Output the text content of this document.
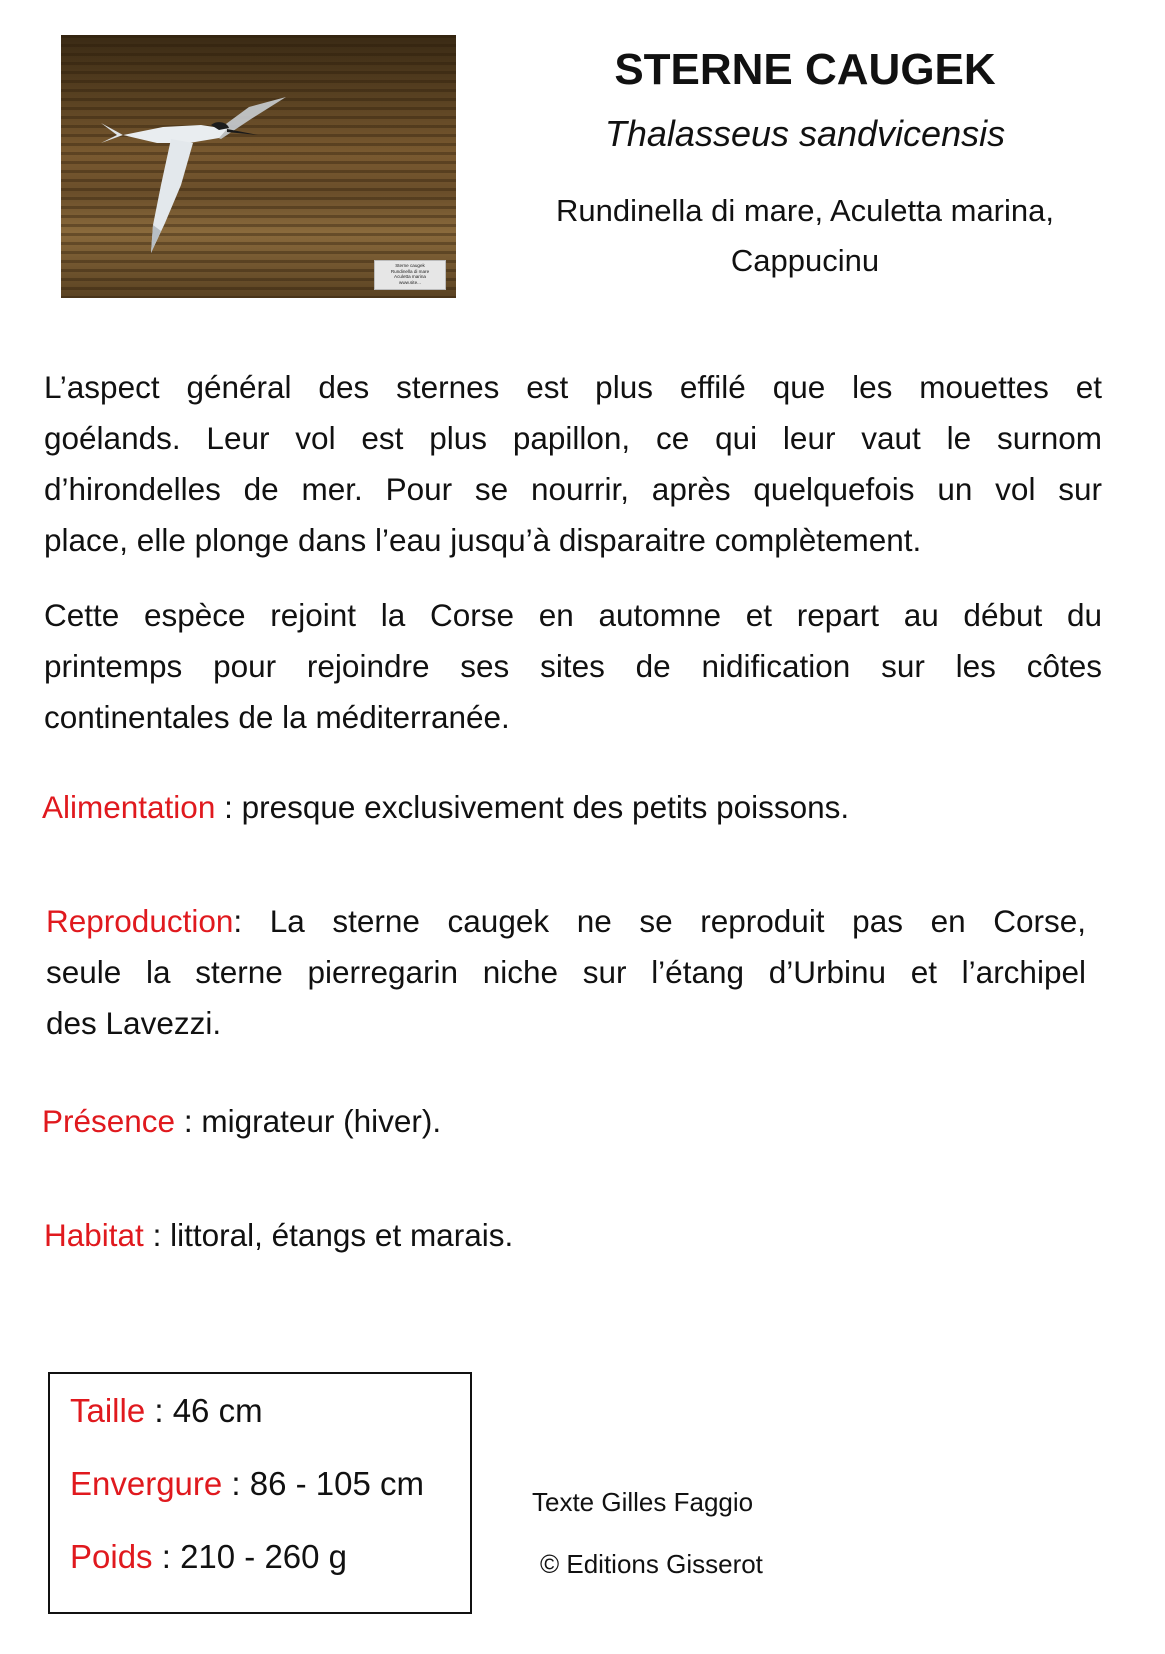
Sterne caugek
Rundinella di mare
Aculetta marina
www.site...
STERNE CAUGEK
Thalasseus sandvicensis
Rundinella di mare, Aculetta marina,
Cappucinu
L’aspect général des sternes est plus effilé que les mouettes et
goélands. Leur vol est plus papillon, ce qui leur vaut le surnom
d’hirondelles de mer. Pour se nourrir, après quelquefois un vol sur
place, elle plonge dans l’eau jusqu’à disparaitre complètement.
Cette espèce rejoint la Corse en automne et repart au début du
printemps pour rejoindre ses sites de nidification sur les côtes
continentales de la méditerranée.
Alimentation : presque exclusivement des petits poissons.
Reproduction: La sterne caugek ne se reproduit pas en Corse,
seule la sterne pierregarin niche sur l’étang d’Urbinu et l’archipel
des Lavezzi.
Présence : migrateur (hiver).
Habitat : littoral, étangs et marais.
Taille : 46 cm
Envergure : 86 - 105 cm
Poids : 210 - 260 g
Texte Gilles Faggio
© Editions Gisserot
